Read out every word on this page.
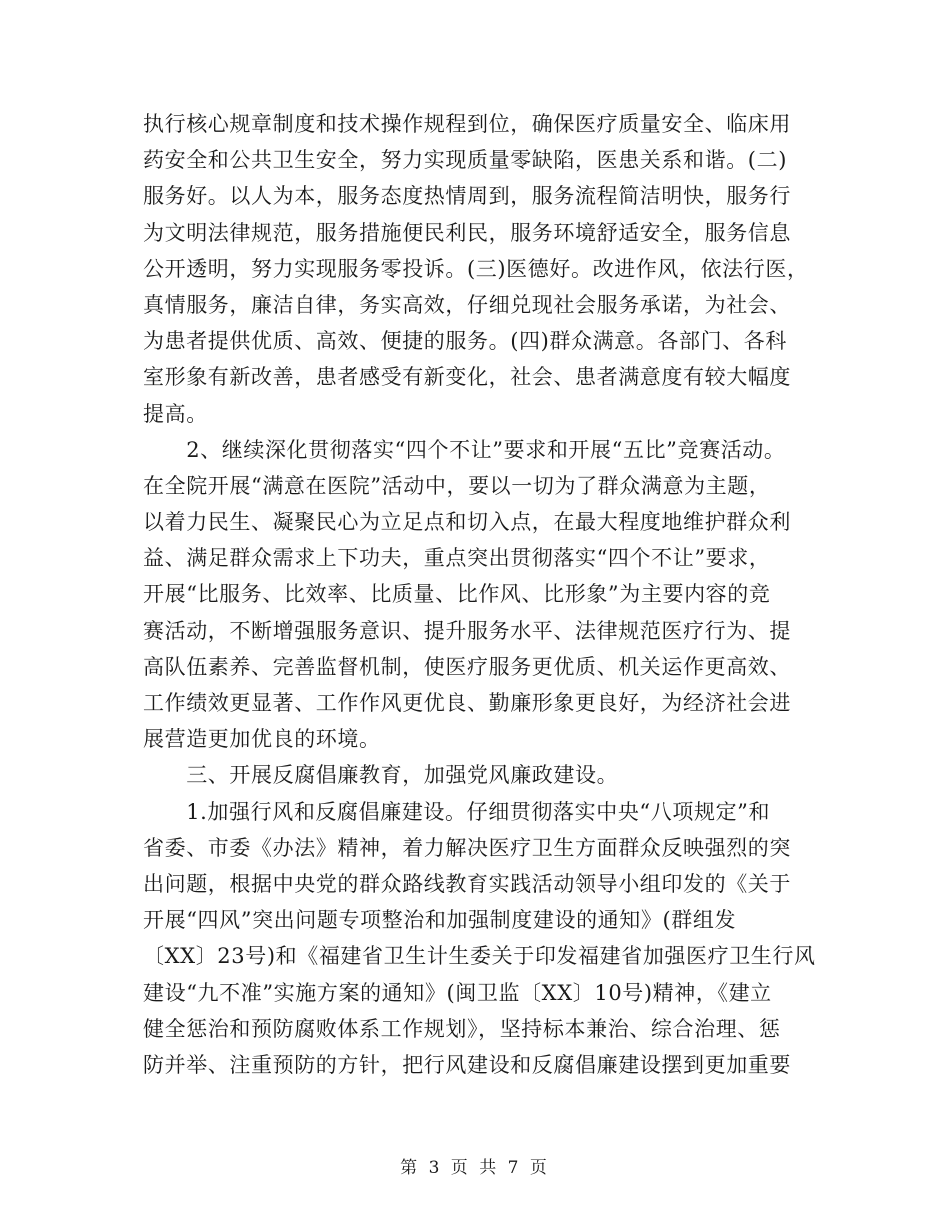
执行核心规章制度和技术操作规程到位，确保医疗质量安全、临床用
药安全和公共卫生安全，努力实现质量零缺陷，医患关系和谐。(二)
服务好。以人为本，服务态度热情周到，服务流程简洁明快，服务行
为文明法律规范，服务措施便民利民，服务环境舒适安全，服务信息
公开透明，努力实现服务零投诉。(三)医德好。改进作风，依法行医，
真情服务，廉洁自律，务实高效，仔细兑现社会服务承诺，为社会、
为患者提供优质、高效、便捷的服务。(四)群众满意。各部门、各科
室形象有新改善，患者感受有新变化，社会、患者满意度有较大幅度
提高。
　　2、继续深化贯彻落实“四个不让”要求和开展“五比”竞赛活动。
在全院开展“满意在医院”活动中，要以一切为了群众满意为主题，
以着力民生、凝聚民心为立足点和切入点，在最大程度地维护群众利
益、满足群众需求上下功夫，重点突出贯彻落实“四个不让”要求，
开展“比服务、比效率、比质量、比作风、比形象”为主要内容的竞
赛活动，不断增强服务意识、提升服务水平、法律规范医疗行为、提
高队伍素养、完善监督机制，使医疗服务更优质、机关运作更高效、
工作绩效更显著、工作作风更优良、勤廉形象更良好，为经济社会进
展营造更加优良的环境。
　　三、开展反腐倡廉教育，加强党风廉政建设。
　　1.加强行风和反腐倡廉建设。仔细贯彻落实中央“八项规定”和
省委、市委《办法》精神，着力解决医疗卫生方面群众反映强烈的突
出问题，根据中央党的群众路线教育实践活动领导小组印发的《关于
开展“四风”突出问题专项整治和加强制度建设的通知》(群组发
〔XX〕23号)和《福建省卫生计生委关于印发福建省加强医疗卫生行风
建设“九不准”实施方案的通知》(闽卫监〔XX〕10号)精神，《建立
健全惩治和预防腐败体系工作规划》，坚持标本兼治、综合治理、惩
防并举、注重预防的方针，把行风建设和反腐倡廉建设摆到更加重要
第 3 页 共 7 页
